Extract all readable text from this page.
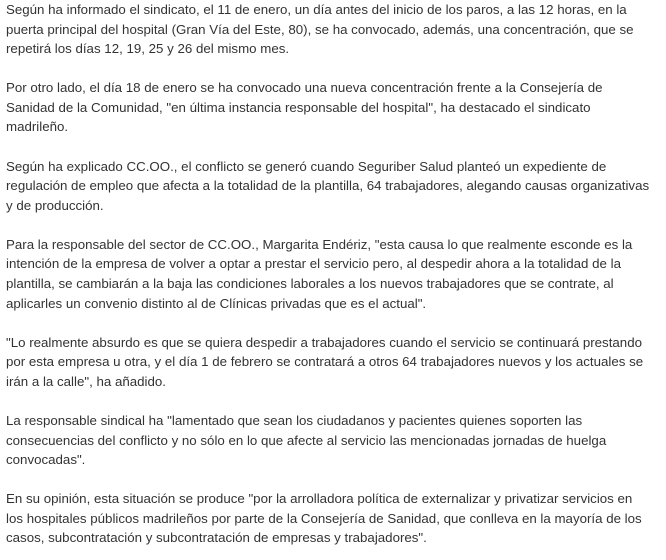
Según ha informado el sindicato, el 11 de enero, un día antes del inicio de los paros, a las 12 horas, en la puerta principal del hospital (Gran Vía del Este, 80), se ha convocado, además, una concentración, que se repetirá los días 12, 19, 25 y 26 del mismo mes.

Por otro lado, el día 18 de enero se ha convocado una nueva concentración frente a la Consejería de Sanidad de la Comunidad, "en última instancia responsable del hospital", ha destacado el sindicato madrileño.

Según ha explicado CC.OO., el conflicto se generó cuando Seguriber Salud planteó un expediente de regulación de empleo que afecta a la totalidad de la plantilla, 64 trabajadores, alegando causas organizativas y de producción.

Para la responsable del sector de CC.OO., Margarita Endériz, "esta causa lo que realmente esconde es la intención de la empresa de volver a optar a prestar el servicio pero, al despedir ahora a la totalidad de la plantilla, se cambiarán a la baja las condiciones laborales a los nuevos trabajadores que se contrate, al aplicarles un convenio distinto al de Clínicas privadas que es el actual".

"Lo realmente absurdo es que se quiera despedir a trabajadores cuando el servicio se continuará prestando por esta empresa u otra, y el día 1 de febrero se contratará a otros 64 trabajadores nuevos y los actuales se irán a la calle", ha añadido.

La responsable sindical ha "lamentado que sean los ciudadanos y pacientes quienes soporten las consecuencias del conflicto y no sólo en lo que afecte al servicio las mencionadas jornadas de huelga convocadas".

En su opinión, esta situación se produce "por la arrolladora política de externalizar y privatizar servicios en los hospitales públicos madrileños por parte de la Consejería de Sanidad, que conlleva en la mayoría de los casos, subcontratación y subcontratación de empresas y trabajadores".
